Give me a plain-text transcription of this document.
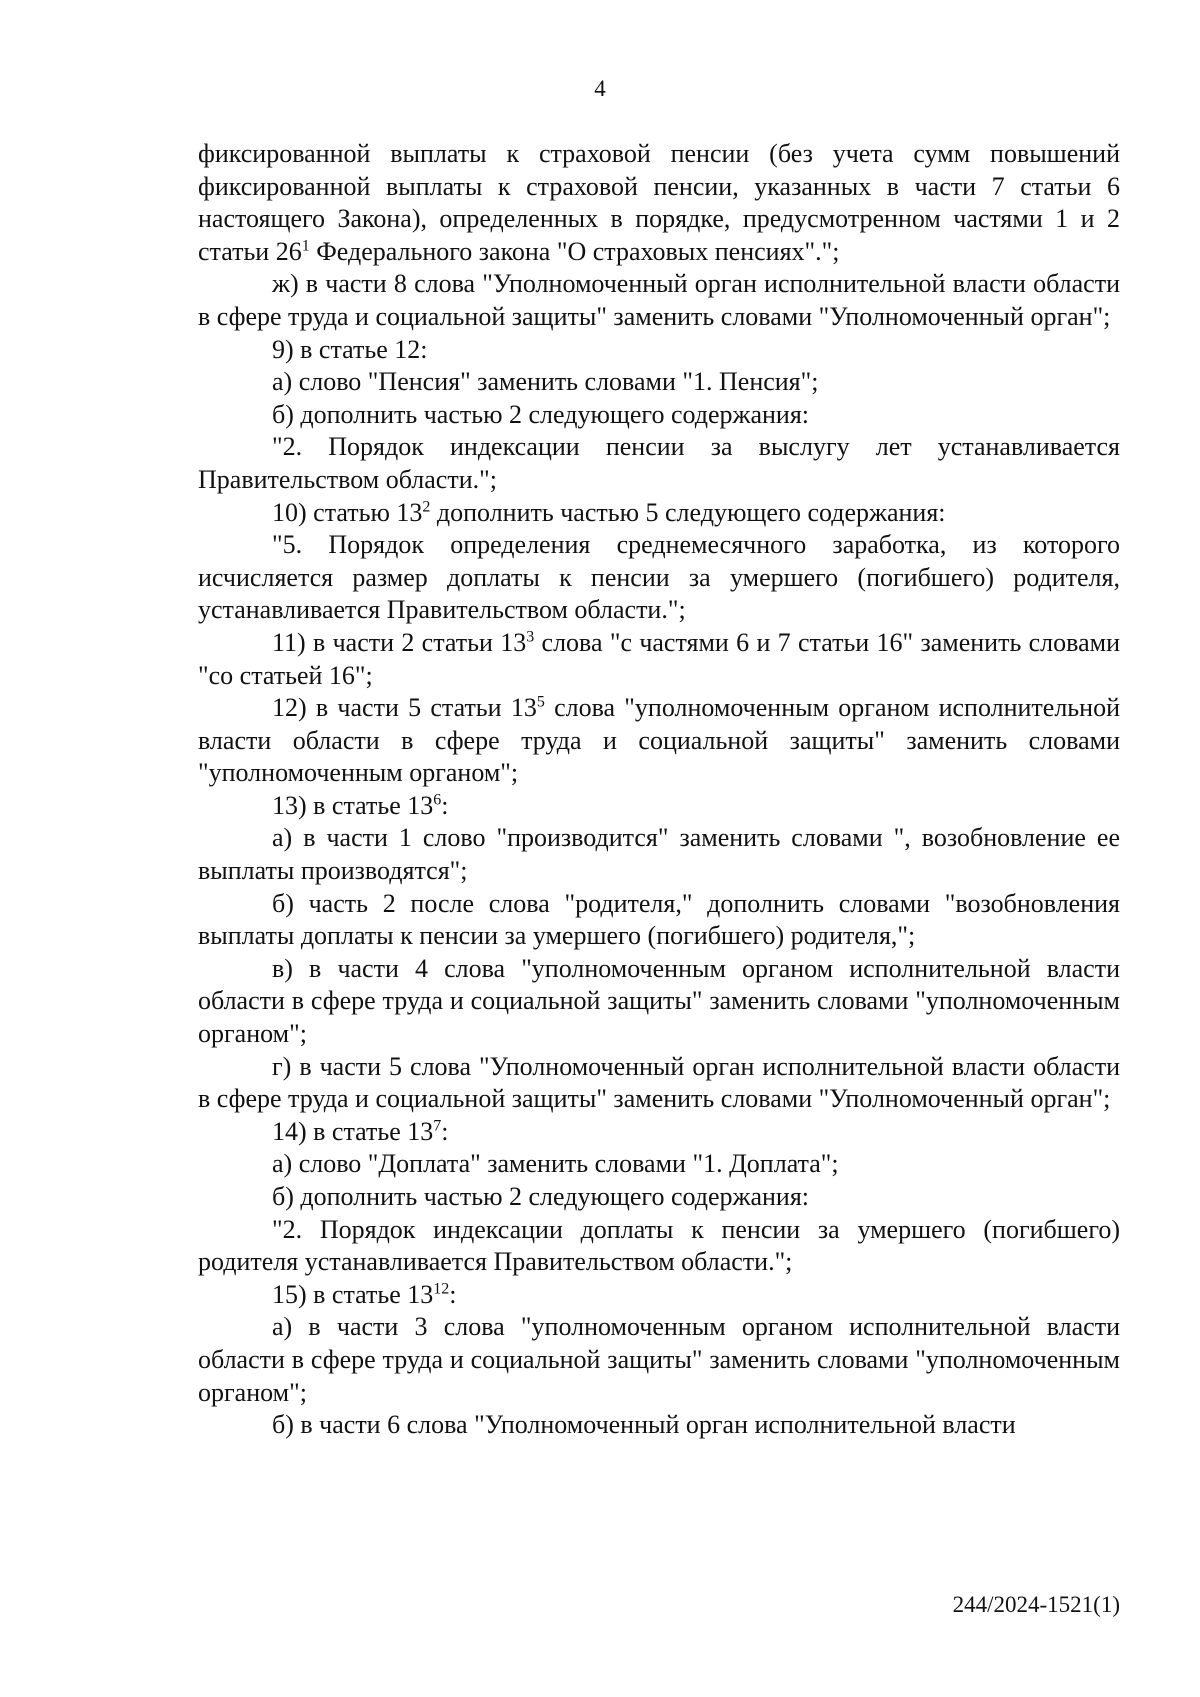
4

фиксированной выплаты к страховой пенсии (без учета сумм повышений фиксированной выплаты к страховой пенсии, указанных в части 7 статьи 6 настоящего Закона), определенных в порядке, предусмотренном частями 1 и 2 статьи $26^1$ Федерального закона "О страховых пенсиях".";

ж) в части 8 слова "Уполномоченный орган исполнительной власти области в сфере труда и социальной защиты" заменить словами "Уполномоченный орган";

9) в статье 12:

а) слово "Пенсия" заменить словами "1. Пенсия";

б) дополнить частью 2 следующего содержания:

"2. Порядок индексации пенсии за выслугу лет устанавливается Правительством области.";

10) статью $13^2$ дополнить частью 5 следующего содержания:

"5. Порядок определения среднемесячного заработка, из которого исчисляется размер доплаты к пенсии за умершего (погибшего) родителя, устанавливается Правительством области.";

11) в части 2 статьи $13^3$ слова "с частями 6 и 7 статьи 16" заменить словами "со статьей 16";

12) в части 5 статьи $13^5$ слова "уполномоченным органом исполнительной власти области в сфере труда и социальной защиты" заменить словами "уполномоченным органом";

13) в статье $13^6$:

а) в части 1 слово "производится" заменить словами ", возобновление ее выплаты производятся";

б) часть 2 после слова "родителя," дополнить словами "возобновления выплаты доплаты к пенсии за умершего (погибшего) родителя,";

в) в части 4 слова "уполномоченным органом исполнительной власти области в сфере труда и социальной защиты" заменить словами "уполномоченным органом";

г) в части 5 слова "Уполномоченный орган исполнительной власти области в сфере труда и социальной защиты" заменить словами "Уполномоченный орган";

14) в статье $13^7$:

а) слово "Доплата" заменить словами "1. Доплата";

б) дополнить частью 2 следующего содержания:

"2. Порядок индексации доплаты к пенсии за умершего (погибшего) родителя устанавливается Правительством области.";

15) в статье $13^{12}$:

а) в части 3 слова "уполномоченным органом исполнительной власти области в сфере труда и социальной защиты" заменить словами "уполномоченным органом";

б) в части 6 слова "Уполномоченный орган исполнительной власти

244/2024-1521(1)
